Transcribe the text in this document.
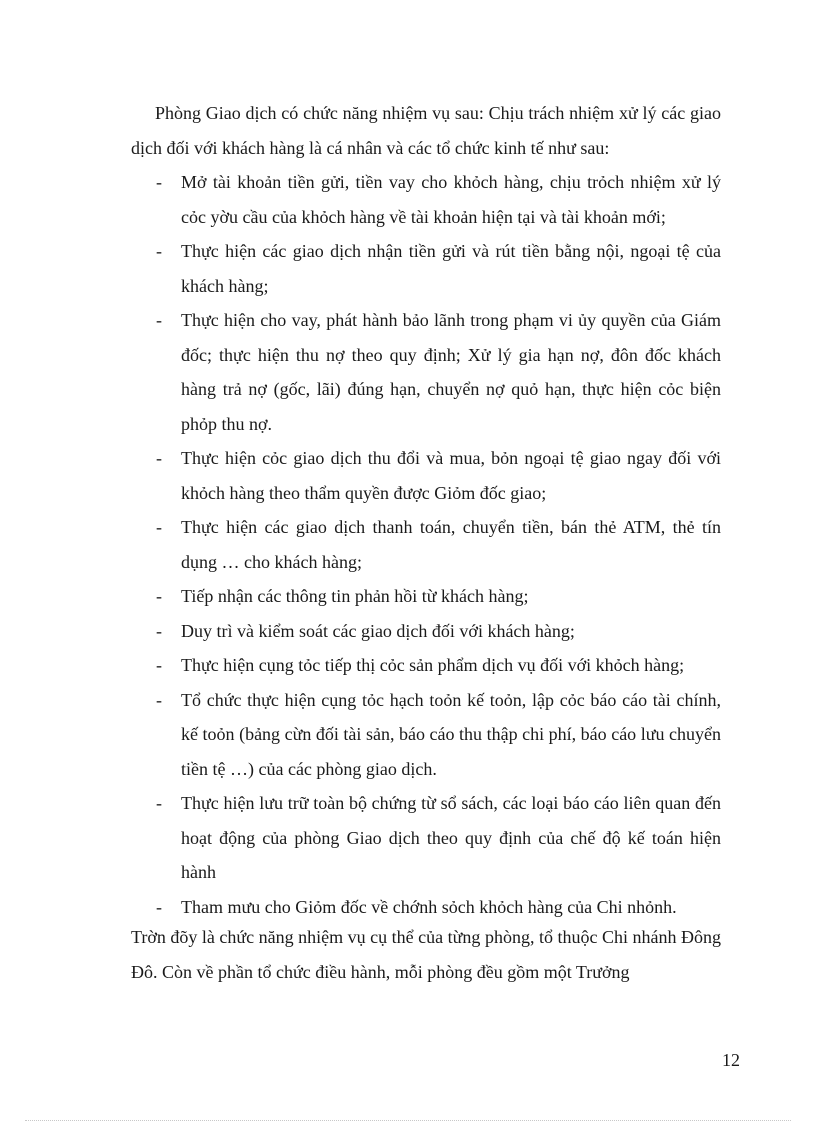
Phòng Giao dịch có chức năng nhiệm vụ sau: Chịu trách nhiệm xử lý các giao dịch đối với khách hàng là cá nhân và các tổ chức kinh tế như sau:

- Mở tài khoản tiền gửi, tiền vay cho khỏch hàng, chịu trỏch nhiệm xử lý cỏc yờu cầu của khỏch hàng về tài khoản hiện tại và tài khoản mới;
- Thực hiện các giao dịch nhận tiền gửi và rút tiền bằng nội, ngoại tệ của khách hàng;
- Thực hiện cho vay, phát hành bảo lãnh trong phạm vi ủy quyền của Giám đốc; thực hiện thu nợ theo quy định; Xử lý gia hạn nợ, đôn đốc khách hàng trả nợ (gốc, lãi) đúng hạn, chuyển nợ quỏ hạn, thực hiện cỏc biện phỏp thu nợ.
- Thực hiện cỏc giao dịch thu đổi và mua, bỏn ngoại tệ giao ngay đối với khỏch hàng theo thẩm quyền được Giỏm đốc giao;
- Thực hiện các giao dịch thanh toán, chuyển tiền, bán thẻ ATM, thẻ tín dụng … cho khách hàng;
- Tiếp nhận các thông tin phản hồi từ khách hàng;
- Duy trì và kiểm soát các giao dịch đối với khách hàng;
- Thực hiện cụng tỏc tiếp thị cỏc sản phẩm dịch vụ đối với khỏch hàng;
- Tổ chức thực hiện cụng tỏc hạch toỏn kế toỏn, lập cỏc báo cáo tài chính, kế toỏn (bảng cừn đối tài sản, báo cáo thu thập chi phí, báo cáo lưu chuyển tiền tệ …) của các phòng giao dịch.
- Thực hiện lưu trữ toàn bộ chứng từ sổ sách, các loại báo cáo liên quan đến hoạt động của phòng Giao dịch theo quy định của chế độ kế toán hiện hành
- Tham mưu cho Giỏm đốc về chớnh sỏch khỏch hàng của Chi nhỏnh.

Trờn đõy là chức năng nhiệm vụ cụ thể của từng phòng, tổ thuộc Chi nhánh Đông Đô. Còn về phần tổ chức điều hành, mỗi phòng đều gồm một Trưởng

12
